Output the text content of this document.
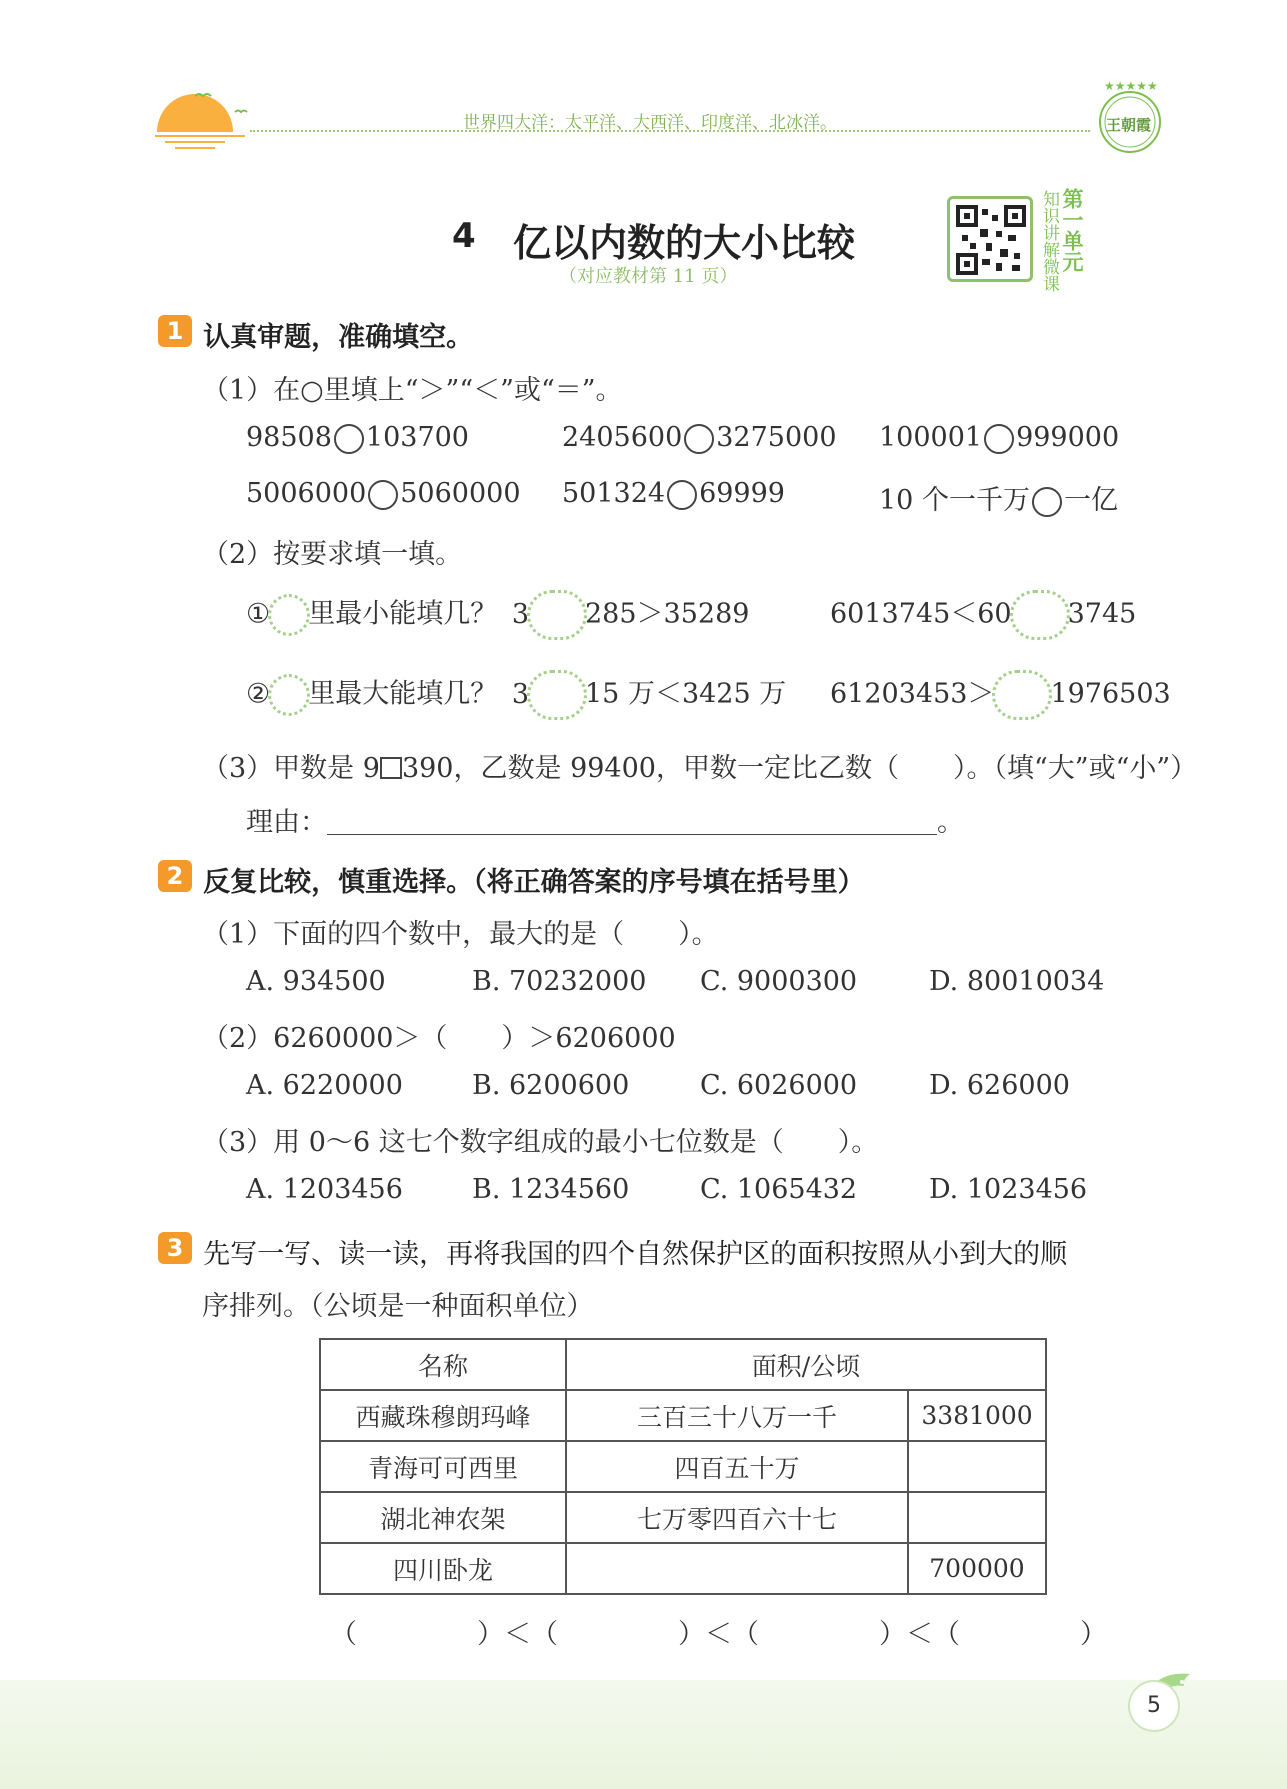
世界四大洋：太平洋、大西洋、印度洋、北冰洋。
★★★★★
王朝霞
4 亿以内数的大小比较
（对应教材第 11 页）	知识讲解微课 第一单元
1 认真审题，准确填空。
（1）在○里填上“＞”“＜”或“＝”。
98508 103700	2405600 3275000 100001 999000
5006000 5060000 501324 69999	10 个一千万 一亿
（2）按要求填一填。
① 里最小能填几？ 3 285＞35289	6013745＜60 3745
② 里最大能填几？ 3 15 万＜3425 万 61203453＞ 1976503
（3）甲数是 9 390，乙数是 99400，甲数一定比乙数（　　）。（填“大”或“小”）
理由：	。
2 反复比较，慎重选择。（将正确答案的序号填在括号里）
（1）下面的四个数中，最大的是（　　）。
A. 934500	B. 70232000 C. 9000300	D. 80010034
（2）6260000＞（　　）＞6206000
A. 6220000	B. 6200600	C. 6026000	D. 626000
（3）用 0～6 这七个数字组成的最小七位数是（　　）。
A. 1203456	B. 1234560	C. 1065432	D. 1023456
3 先写一写、读一读，再将我国的四个自然保护区的面积按照从小到大的顺
序排列。（公顷是一种面积单位）
名称	面积/公顷	
西藏珠穆朗玛峰	三百三十八万一千	3381000
青海可可西里	四百五十万	
湖北神农架	七万零四百六十七	
四川卧龙		700000
（	）＜（	）＜（	）＜（	）
5
